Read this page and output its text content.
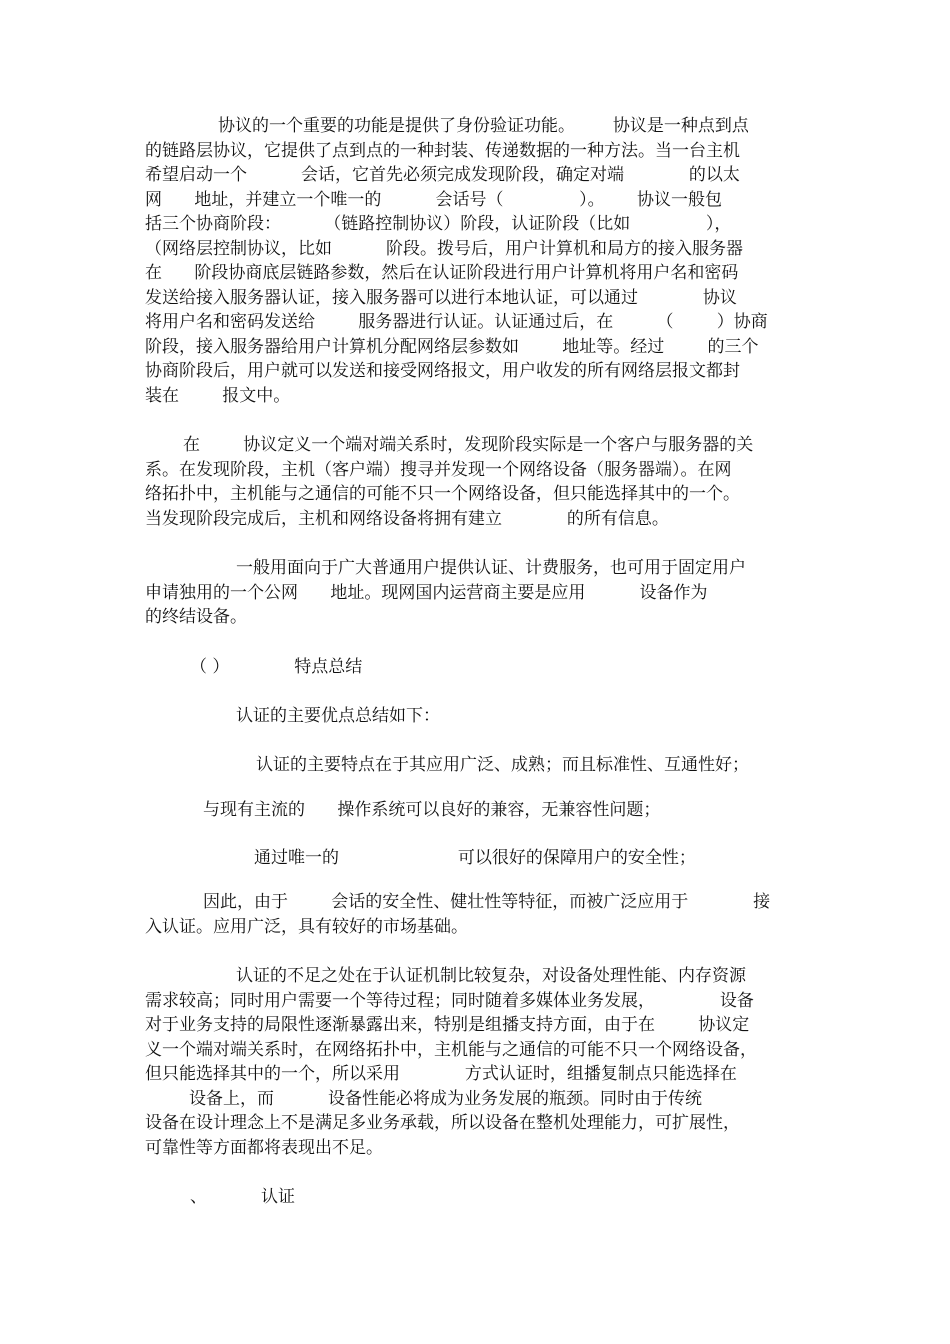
协议的一个重要的功能是提供了身份验证功能。       协议是一种点到点
的链路层协议，它提供了点到点的一种封装、传递数据的一种方法。当一台主机
希望启动一个          会话，它首先必须完成发现阶段，确定对端            的以太
网      地址，并建立一个唯一的          会话号（              ）。      协议一般包
括三个协商阶段：        （链路控制协议）阶段，认证阶段（比如              ），
（网络层控制协议，比如          阶段。拨号后，用户计算机和局方的接入服务器
在      阶段协商底层链路参数，然后在认证阶段进行用户计算机将用户名和密码
发送给接入服务器认证，接入服务器可以进行本地认证，可以通过            协议
将用户名和密码发送给        服务器进行认证。认证通过后，在        （        ）协商
阶段，接入服务器给用户计算机分配网络层参数如        地址等。经过        的三个
协商阶段后，用户就可以发送和接受网络报文，用户收发的所有网络层报文都封
装在        报文中。
在        协议定义一个端对端关系时，发现阶段实际是一个客户与服务器的关
系。在发现阶段，主机（客户端）搜寻并发现一个网络设备（服务器端）。在网
络拓扑中，主机能与之通信的可能不只一个网络设备，但只能选择其中的一个。
当发现阶段完成后，主机和网络设备将拥有建立            的所有信息。
一般用面向于广大普通用户提供认证、计费服务，也可用于固定用户
申请独用的一个公网      地址。现网国内运营商主要是应用          设备作为
的终结设备。
（ ）            特点总结
认证的主要优点总结如下：
认证的主要特点在于其应用广泛、成熟；而且标准性、互通性好；
与现有主流的      操作系统可以良好的兼容，无兼容性问题；
通过唯一的                      可以很好的保障用户的安全性；
因此，由于        会话的安全性、健壮性等特征，而被广泛应用于            接
入认证。应用广泛，具有较好的市场基础。
认证的不足之处在于认证机制比较复杂，对设备处理性能、内存资源
需求较高；同时用户需要一个等待过程；同时随着多媒体业务发展，            设备
对于业务支持的局限性逐渐暴露出来，特别是组播支持方面，由于在        协议定
义一个端对端关系时，在网络拓扑中，主机能与之通信的可能不只一个网络设备，
但只能选择其中的一个，所以采用            方式认证时，组播复制点只能选择在
设备上，而          设备性能必将成为业务发展的瓶颈。同时由于传统
设备在设计理念上不是满足多业务承载，所以设备在整机处理能力，可扩展性，
可靠性等方面都将表现出不足。
、          认证
